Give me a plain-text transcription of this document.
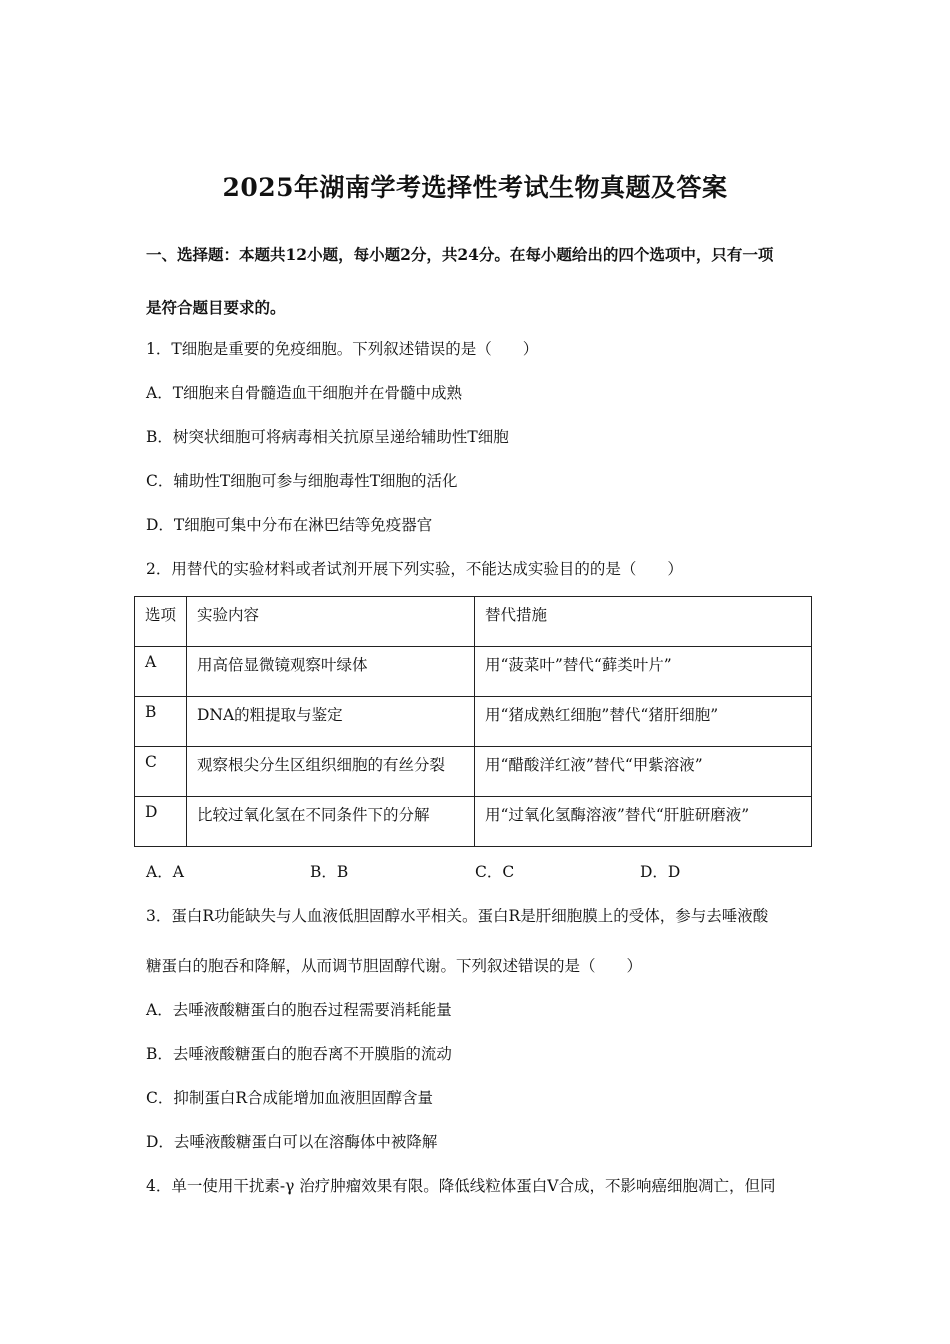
2025年湖南学考选择性考试生物真题及答案
一、选择题：本题共12小题，每小题2分，共24分。在每小题给出的四个选项中，只有一项
是符合题目要求的。
1．T细胞是重要的免疫细胞。下列叙述错误的是（　　）
A．T细胞来自骨髓造血干细胞并在骨髓中成熟
B．树突状细胞可将病毒相关抗原呈递给辅助性T细胞
C．辅助性T细胞可参与细胞毒性T细胞的活化
D．T细胞可集中分布在淋巴结等免疫器官
2．用替代的实验材料或者试剂开展下列实验，不能达成实验目的的是（　　）
选项	实验内容	替代措施
A	用高倍显微镜观察叶绿体	用“菠菜叶”替代“藓类叶片”
B	DNA的粗提取与鉴定	用“猪成熟红细胞”替代“猪肝细胞”
C	观察根尖分生区组织细胞的有丝分裂	用“醋酸洋红液”替代“甲紫溶液”
D	比较过氧化氢在不同条件下的分解	用“过氧化氢酶溶液”替代“肝脏研磨液”
A．A	B．B	C．C	D．D
3．蛋白R功能缺失与人血液低胆固醇水平相关。蛋白R是肝细胞膜上的受体，参与去唾液酸
糖蛋白的胞吞和降解，从而调节胆固醇代谢。下列叙述错误的是（　　）
A．去唾液酸糖蛋白的胞吞过程需要消耗能量
B．去唾液酸糖蛋白的胞吞离不开膜脂的流动
C．抑制蛋白R合成能增加血液胆固醇含量
D．去唾液酸糖蛋白可以在溶酶体中被降解
4．单一使用干扰素-γ 治疗肿瘤效果有限。降低线粒体蛋白V合成，不影响癌细胞凋亡，但同
